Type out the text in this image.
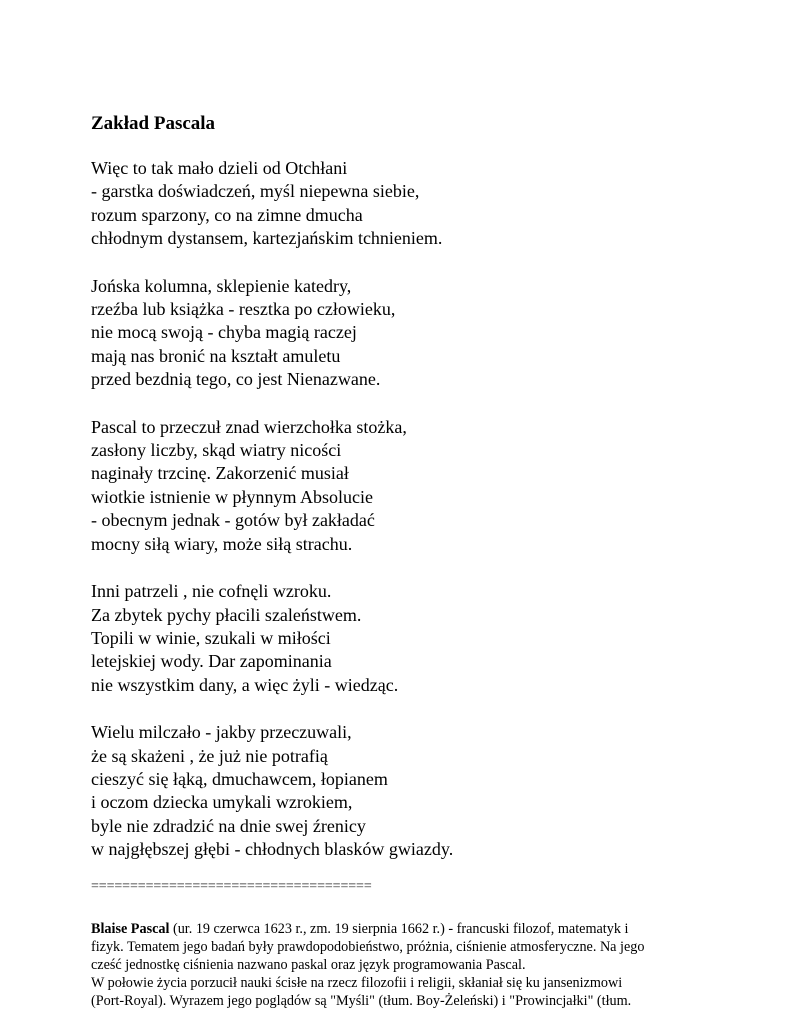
Zakład Pascala
Więc to tak mało dzieli od Otchłani
- garstka doświadczeń, myśl niepewna siebie,
rozum sparzony, co na zimne dmucha
chłodnym dystansem, kartezjańskim tchnieniem.
Jońska kolumna, sklepienie katedry,
rzeźba lub książka - resztka po człowieku,
nie mocą swoją - chyba magią raczej
mają nas bronić na kształt amuletu
przed bezdnią tego, co jest Nienazwane.
Pascal to przeczuł znad wierzchołka stożka,
zasłony liczby, skąd wiatry nicości
naginały trzcinę. Zakorzenić musiał
wiotkie istnienie w płynnym Absolucie
- obecnym jednak - gotów był zakładać
mocny siłą wiary, może siłą strachu.
Inni patrzeli , nie cofnęli wzroku.
Za zbytek pychy płacili szaleństwem.
Topili w winie, szukali w miłości
letejskiej wody. Dar zapominania
nie wszystkim dany, a więc żyli - wiedząc.
Wielu milczało - jakby przeczuwali,
że są skażeni , że już nie potrafią
cieszyć się łąką, dmuchawcem, łopianem
i oczom dziecka umykali wzrokiem,
byle nie zdradzić na dnie swej źrenicy
w najgłębszej głębi - chłodnych blasków gwiazdy.
====================================
Blaise Pascal (ur. 19 czerwca 1623 r., zm. 19 sierpnia 1662 r.) - francuski filozof, matematyk i
fizyk. Tematem jego badań były prawdopodobieństwo, próżnia, ciśnienie atmosferyczne. Na jego
cześć jednostkę ciśnienia nazwano paskal oraz język programowania Pascal.
W połowie życia porzucił nauki ścisłe na rzecz filozofii i religii, skłaniał się ku jansenizmowi
(Port-Royal). Wyrazem jego poglądów są "Myśli" (tłum. Boy-Żeleński) i "Prowincjałki" (tłum.
